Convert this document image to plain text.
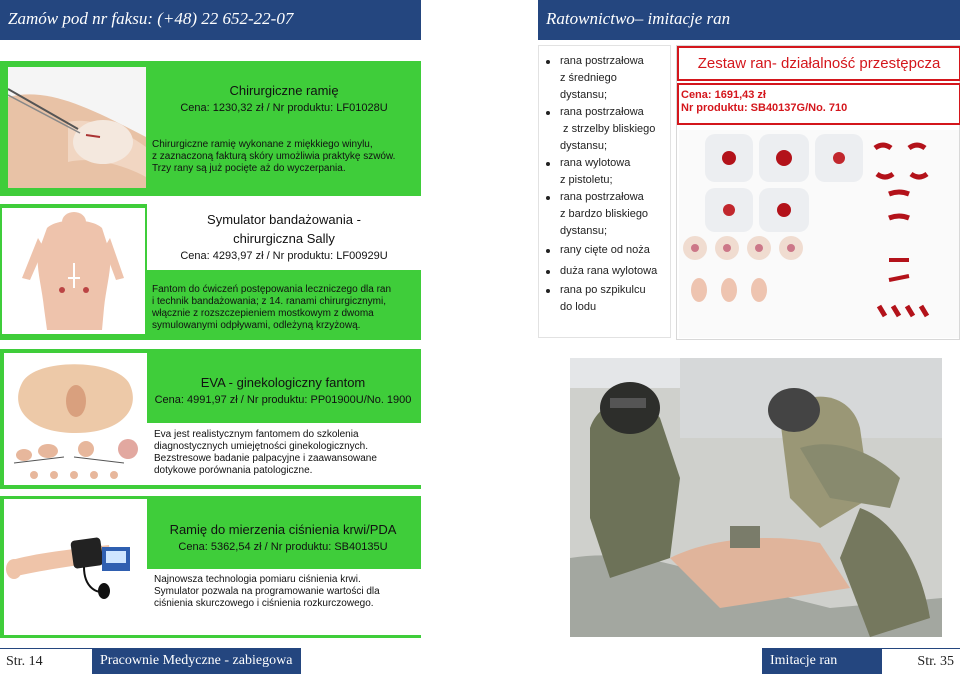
Zamów pod nr faksu: (+48) 22 652-22-07	Ratownictwo– imitacje ran
Chirurgiczne ramię
Cena: 1230,32 zł / Nr produktu: LF01028U
Chirurgiczne ramię wykonane z miękkiego winylu,
z zaznaczoną fakturą skóry umożliwia praktykę szwów.
Trzy rany są już pocięte aż do wyczerpania.
Symulator bandażowania -
chirurgiczna Sally
Cena: 4293,97 zł / Nr produktu: LF00929U
Fantom do ćwiczeń postępowania leczniczego dla ran
i technik bandażowania; z 14. ranami chirurgicznymi,
włącznie z rozszczepieniem mostkowym z dwoma
symulowanymi odpływami, odleżyną krzyżową.
EVA - ginekologiczny fantom
Cena: 4991,97 zł / Nr produktu: PP01900U/No. 1900
Eva jest realistycznym fantomem do szkolenia
diagnostycznych umiejętności ginekologicznych.
Bezstresowe badanie palpacyjne i zaawansowane
dotykowe porównania patologiczne.
Ramię do mierzenia ciśnienia krwi/PDA
Cena: 5362,54 zł / Nr produktu: SB40135U
Najnowsza technologia pomiaru ciśnienia krwi.
Symulator pozwala na programowanie wartości dla
ciśnienia skurczowego i ciśnienia rozkurczowego.
rana postrzałowa
z średniego
dystansu;
rana postrzałowa
z strzelby bliskiego
dystansu;
rana wylotowa
z pistoletu;
rana postrzałowa
z bardzo bliskiego
dystansu;
rany cięte od noża
duża rana wylotowa
rana po szpikulcu
do lodu
Zestaw ran- działalność przestępcza
Cena: 1691,43 zł
Nr produktu: SB40137G/No. 710
Str. 14	Pracownie Medyczne - zabiegowa	Imitacje ran	Str. 35
